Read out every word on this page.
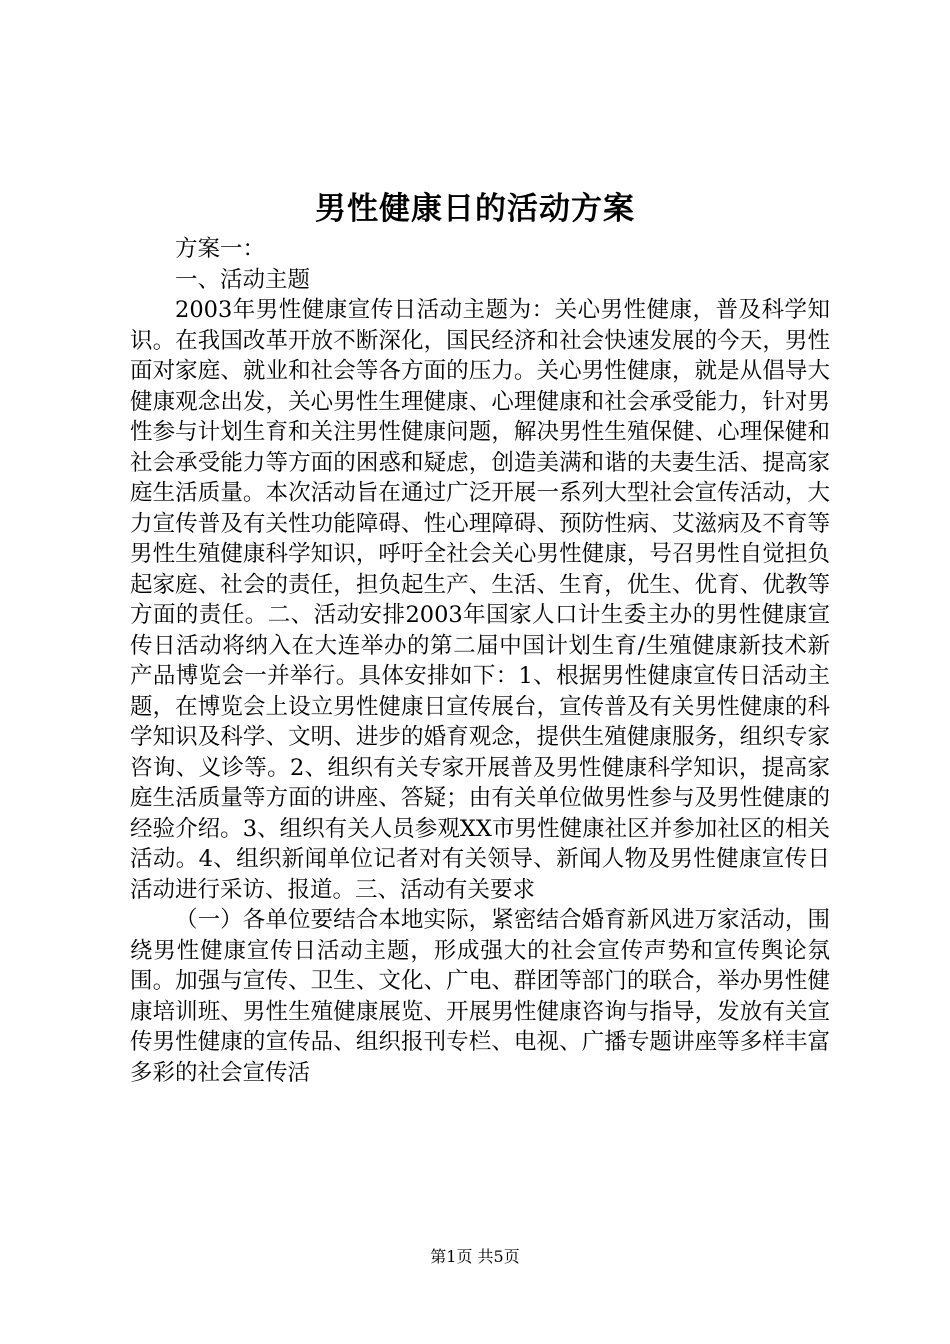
男性健康日的活动方案

方案一：

一、活动主题

2003年男性健康宣传日活动主题为：关心男性健康，普及科学知识。在我国改革开放不断深化，国民经济和社会快速发展的今天，男性面对家庭、就业和社会等各方面的压力。关心男性健康，就是从倡导大健康观念出发，关心男性生理健康、心理健康和社会承受能力，针对男性参与计划生育和关注男性健康问题，解决男性生殖保健、心理保健和社会承受能力等方面的困惑和疑虑，创造美满和谐的夫妻生活、提高家庭生活质量。本次活动旨在通过广泛开展一系列大型社会宣传活动，大力宣传普及有关性功能障碍、性心理障碍、预防性病、艾滋病及不育等男性生殖健康科学知识，呼吁全社会关心男性健康，号召男性自觉担负起家庭、社会的责任，担负起生产、生活、生育，优生、优育、优教等方面的责任。二、活动安排2003年国家人口计生委主办的男性健康宣传日活动将纳入在大连举办的第二届中国计划生育/生殖健康新技术新产品博览会一并举行。具体安排如下：1、根据男性健康宣传日活动主题，在博览会上设立男性健康日宣传展台，宣传普及有关男性健康的科学知识及科学、文明、进步的婚育观念，提供生殖健康服务，组织专家咨询、义诊等。2、组织有关专家开展普及男性健康科学知识，提高家庭生活质量等方面的讲座、答疑；由有关单位做男性参与及男性健康的经验介绍。3、组织有关人员参观XX市男性健康社区并参加社区的相关活动。4、组织新闻单位记者对有关领导、新闻人物及男性健康宣传日活动进行采访、报道。三、活动有关要求

（一）各单位要结合本地实际，紧密结合婚育新风进万家活动，围绕男性健康宣传日活动主题，形成强大的社会宣传声势和宣传舆论氛围。加强与宣传、卫生、文化、广电、群团等部门的联合，举办男性健康培训班、男性生殖健康展览、开展男性健康咨询与指导，发放有关宣传男性健康的宣传品、组织报刊专栏、电视、广播专题讲座等多样丰富多彩的社会宣传活

第1页 共5页
